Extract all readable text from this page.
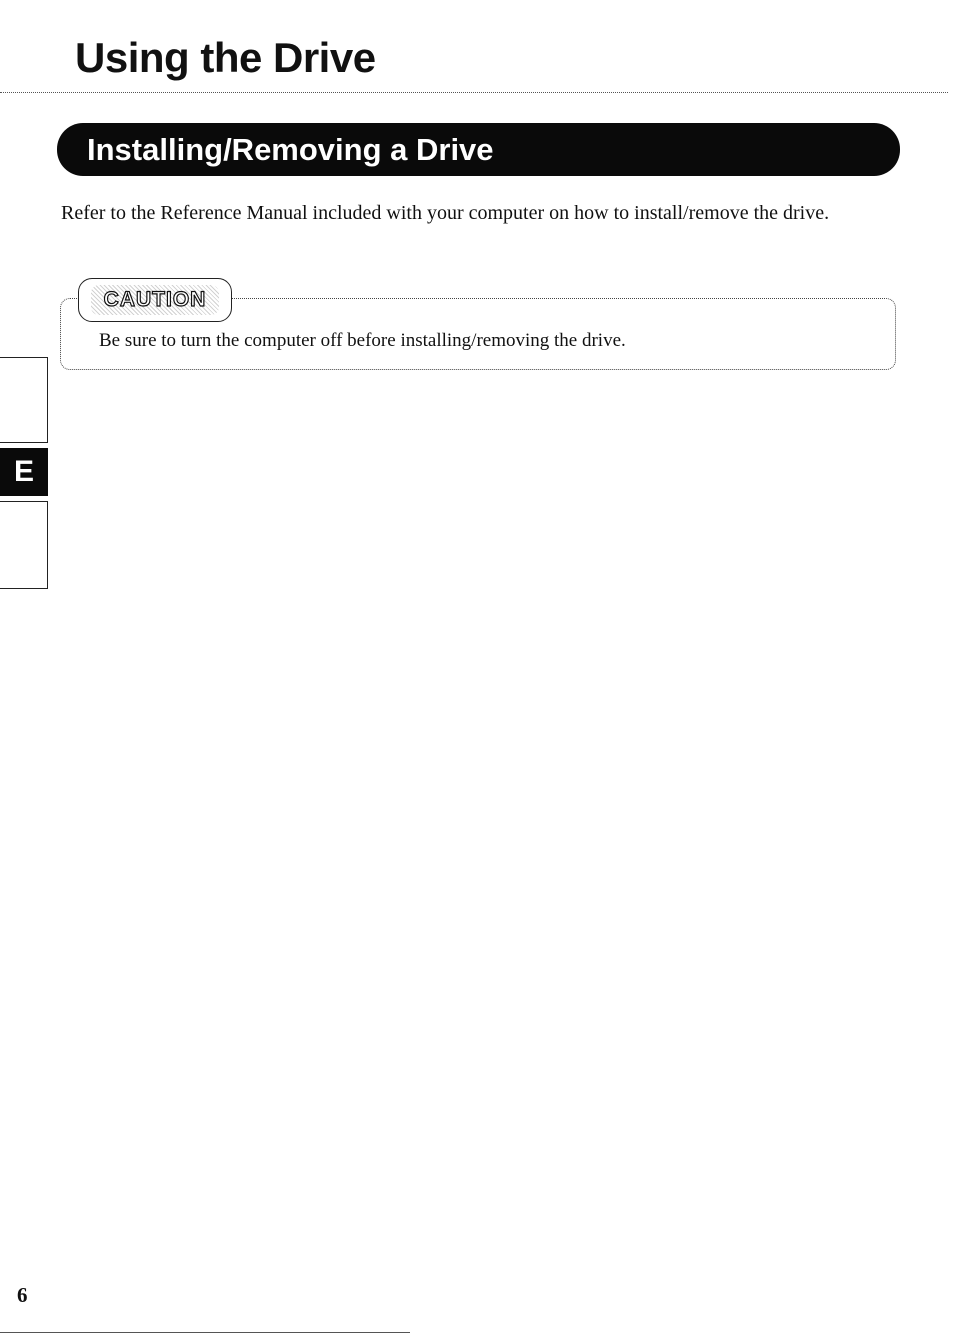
Using the Drive
Installing/Removing a Drive

Refer to the Reference Manual included with your computer on how to install/remove the drive.

CAUTION

Be sure to turn the computer off before installing/removing the drive.

E

6
